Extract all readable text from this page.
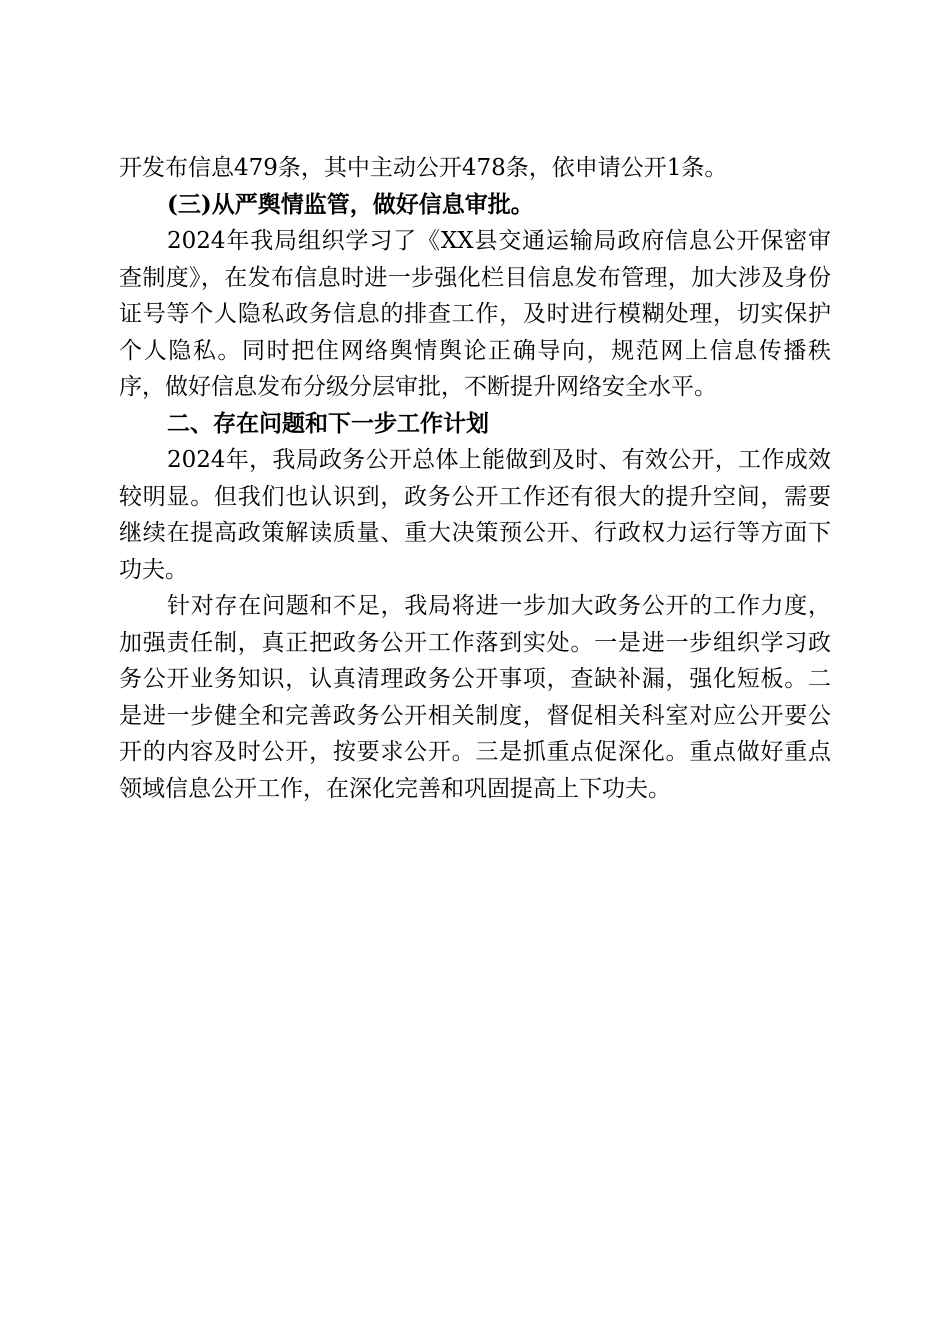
开发布信息479条，其中主动公开478条，依申请公开1条。

(三)从严舆情监管，做好信息审批。

2024年我局组织学习了《XX县交通运输局政府信息公开保密审查制度》，在发布信息时进一步强化栏目信息发布管理，加大涉及身份证号等个人隐私政务信息的排查工作，及时进行模糊处理，切实保护个人隐私。同时把住网络舆情舆论正确导向，规范网上信息传播秩序，做好信息发布分级分层审批，不断提升网络安全水平。

二、存在问题和下一步工作计划

2024年，我局政务公开总体上能做到及时、有效公开，工作成效较明显。但我们也认识到，政务公开工作还有很大的提升空间，需要继续在提高政策解读质量、重大决策预公开、行政权力运行等方面下功夫。

针对存在问题和不足，我局将进一步加大政务公开的工作力度，加强责任制，真正把政务公开工作落到实处。一是进一步组织学习政务公开业务知识，认真清理政务公开事项，查缺补漏，强化短板。二是进一步健全和完善政务公开相关制度，督促相关科室对应公开要公开的内容及时公开，按要求公开。三是抓重点促深化。重点做好重点领域信息公开工作，在深化完善和巩固提高上下功夫。
